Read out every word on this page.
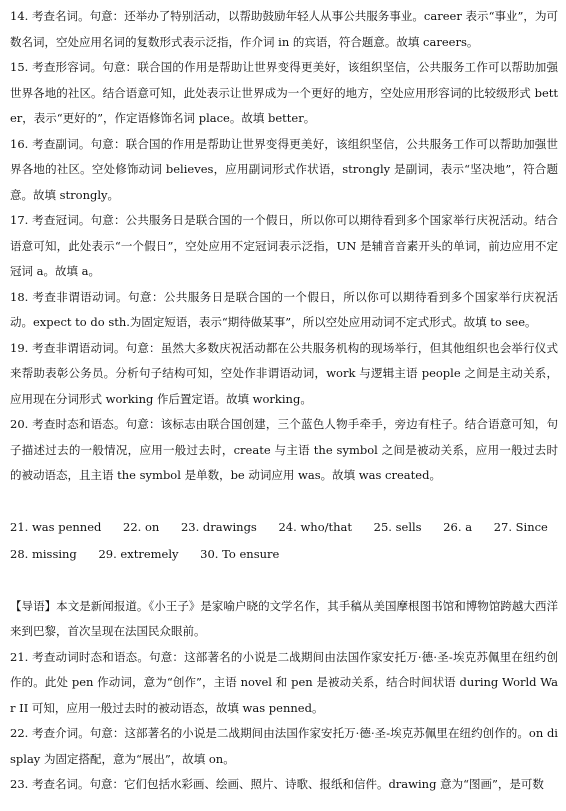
14. 考查名词。句意：还举办了特别活动，以帮助鼓励年轻人从事公共服务事业。career 表示“事业”，为可数名词，空处应用名词的复数形式表示泛指，作介词 in 的宾语，符合题意。故填 careers。

15. 考查形容词。句意：联合国的作用是帮助让世界变得更美好，该组织坚信，公共服务工作可以帮助加强世界各地的社区。结合语意可知，此处表示让世界成为一个更好的地方，空处应用形容词的比较级形式 better，表示“更好的”，作定语修饰名词 place。故填 better。

16. 考查副词。句意：联合国的作用是帮助让世界变得更美好，该组织坚信，公共服务工作可以帮助加强世界各地的社区。空处修饰动词 believes，应用副词形式作状语，strongly 是副词，表示“坚决地”，符合题意。故填 strongly。

17. 考查冠词。句意：公共服务日是联合国的一个假日，所以你可以期待看到多个国家举行庆祝活动。结合语意可知，此处表示“一个假日”，空处应用不定冠词表示泛指，UN 是辅音音素开头的单词，前边应用不定冠词 a。故填 a。

18. 考查非谓语动词。句意：公共服务日是联合国的一个假日，所以你可以期待看到多个国家举行庆祝活动。expect to do sth.为固定短语，表示“期待做某事”，所以空处应用动词不定式形式。故填 to see。

19. 考查非谓语动词。句意：虽然大多数庆祝活动都在公共服务机构的现场举行，但其他组织也会举行仪式来帮助表彰公务员。分析句子结构可知，空处作非谓语动词，work 与逻辑主语 people 之间是主动关系，应用现在分词形式 working 作后置定语。故填 working。

20. 考查时态和语态。句意：该标志由联合国创建，三个蓝色人物手牵手，旁边有柱子。结合语意可知，句子描述过去的一般情况，应用一般过去时，create 与主语 the symbol 之间是被动关系，应用一般过去时的被动语态，且主语 the symbol 是单数，be 动词应用 was。故填 was created。

21. was penned 22. on 23. drawings 24. who/that 25. sells 26. a 27. Since

28. missing 29. extremely 30. To ensure

【导语】本文是新闻报道。《小王子》是家喻户晓的文学名作，其手稿从美国摩根图书馆和博物馆跨越大西洋来到巴黎，首次呈现在法国民众眼前。

21. 考查动词时态和语态。句意：这部著名的小说是二战期间由法国作家安托万·德·圣-埃克苏佩里在纽约创作的。此处 pen 作动词，意为“创作”，主语 novel 和 pen 是被动关系，结合时间状语 during World War II 可知，应用一般过去时的被动语态，故填 was penned。

22. 考查介词。句意：这部著名的小说是二战期间由法国作家安托万·德·圣-埃克苏佩里在纽约创作的。on display 为固定搭配，意为“展出”，故填 on。

23. 考查名词。句意：它们包括水彩画、绘画、照片、诗歌、报纸和信件。drawing 意为“图画”，是可数
